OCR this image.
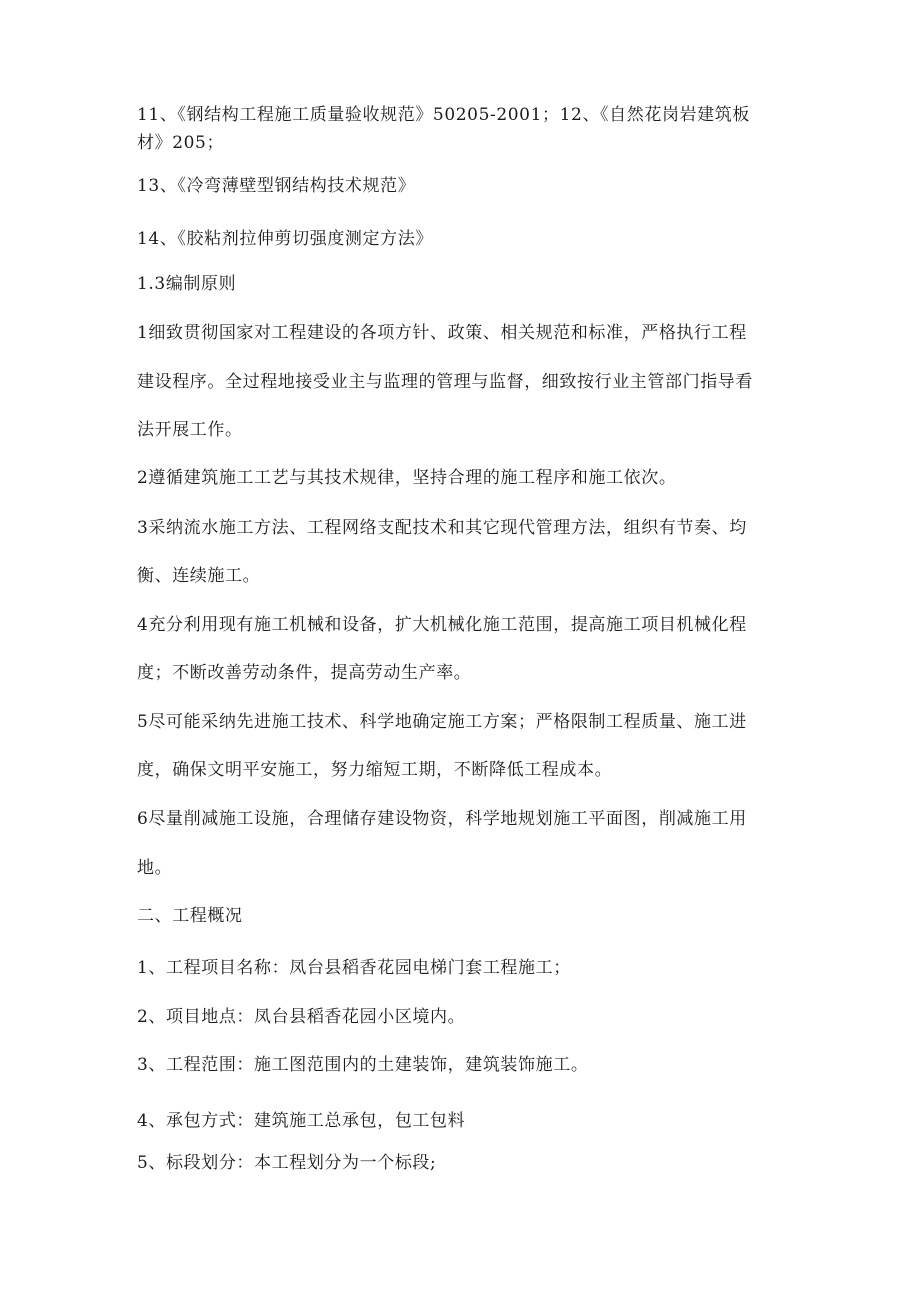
11、《钢结构工程施工质量验收规范》50205-2001；12、《自然花岗岩建筑板
材》205；
13、《冷弯薄壁型钢结构技术规范》
14、《胶粘剂拉伸剪切强度测定方法》
1.3编制原则
1细致贯彻国家对工程建设的各项方针、政策、相关规范和标准，严格执行工程
建设程序。全过程地接受业主与监理的管理与监督，细致按行业主管部门指导看
法开展工作。
2遵循建筑施工工艺与其技术规律，坚持合理的施工程序和施工依次。
3采纳流水施工方法、工程网络支配技术和其它现代管理方法，组织有节奏、均
衡、连续施工。
4充分利用现有施工机械和设备，扩大机械化施工范围，提高施工项目机械化程
度；不断改善劳动条件，提高劳动生产率。
5尽可能采纳先进施工技术、科学地确定施工方案；严格限制工程质量、施工进
度，确保文明平安施工，努力缩短工期，不断降低工程成本。
6尽量削减施工设施，合理储存建设物资，科学地规划施工平面图，削减施工用
地。
二、工程概况
1、工程项目名称：凤台县稻香花园电梯门套工程施工；
2、项目地点：凤台县稻香花园小区境内。
3、工程范围：施工图范围内的土建装饰，建筑装饰施工。
4、承包方式：建筑施工总承包，包工包料
5、标段划分：本工程划分为一个标段;
